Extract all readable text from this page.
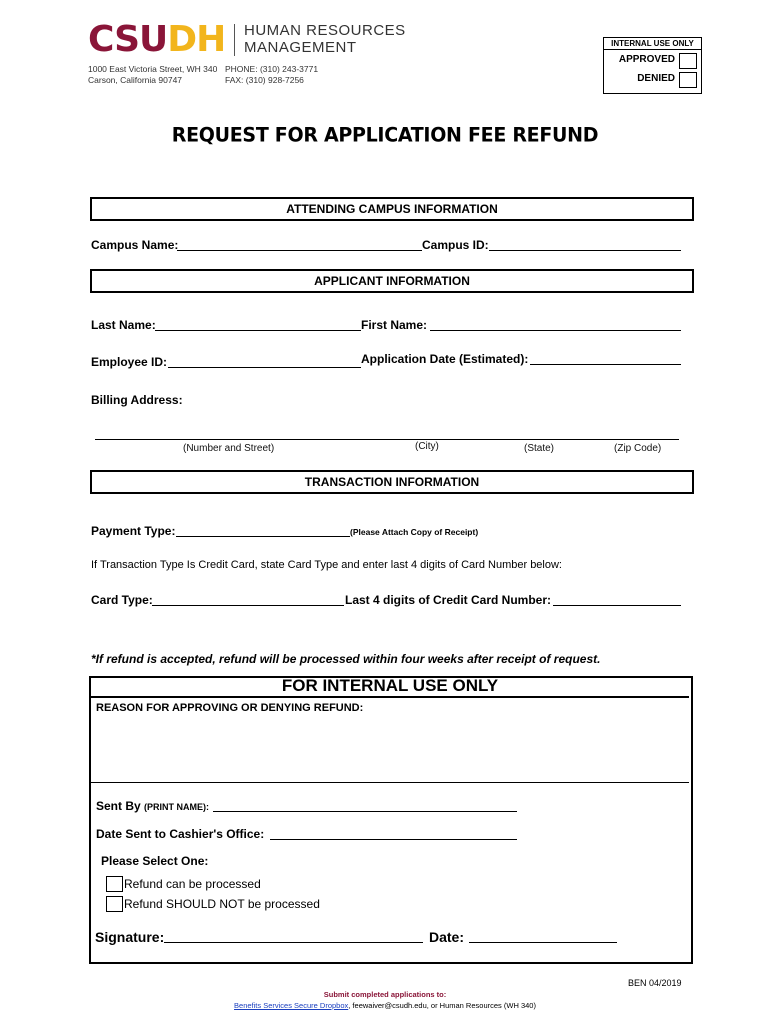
CSUDH HUMAN RESOURCES
MANAGEMENT
1000 East Victoria Street, WH 340
Carson, California 90747
PHONE: (310) 243-3771
FAX: (310) 928-7256
INTERNAL USE ONLY
APPROVED
DENIED
REQUEST FOR APPLICATION FEE REFUND
ATTENDING CAMPUS INFORMATION
Campus Name:	Campus ID:
APPLICANT INFORMATION
Last Name:	First Name:
Employee ID:	Application Date (Estimated):
Billing Address:
(Number and Street)	(City)	(State)	(Zip Code)
TRANSACTION INFORMATION
Payment Type:	(Please Attach Copy of Receipt)
If Transaction Type Is Credit Card, state Card Type and enter last 4 digits of Card Number below:
Card Type:	Last 4 digits of Credit Card Number:
*If refund is accepted, refund will be processed within four weeks after receipt of request.
FOR INTERNAL USE ONLY
REASON FOR APPROVING OR DENYING REFUND:
Sent By (PRINT NAME):
Date Sent to Cashier's Office:
Please Select One:
Refund can be processed
Refund SHOULD NOT be processed
Signature:	Date:
BEN 04/2019
Submit completed applications to:
Benefits Services Secure Dropbox, feewaiver@csudh.edu, or Human Resources (WH 340)
